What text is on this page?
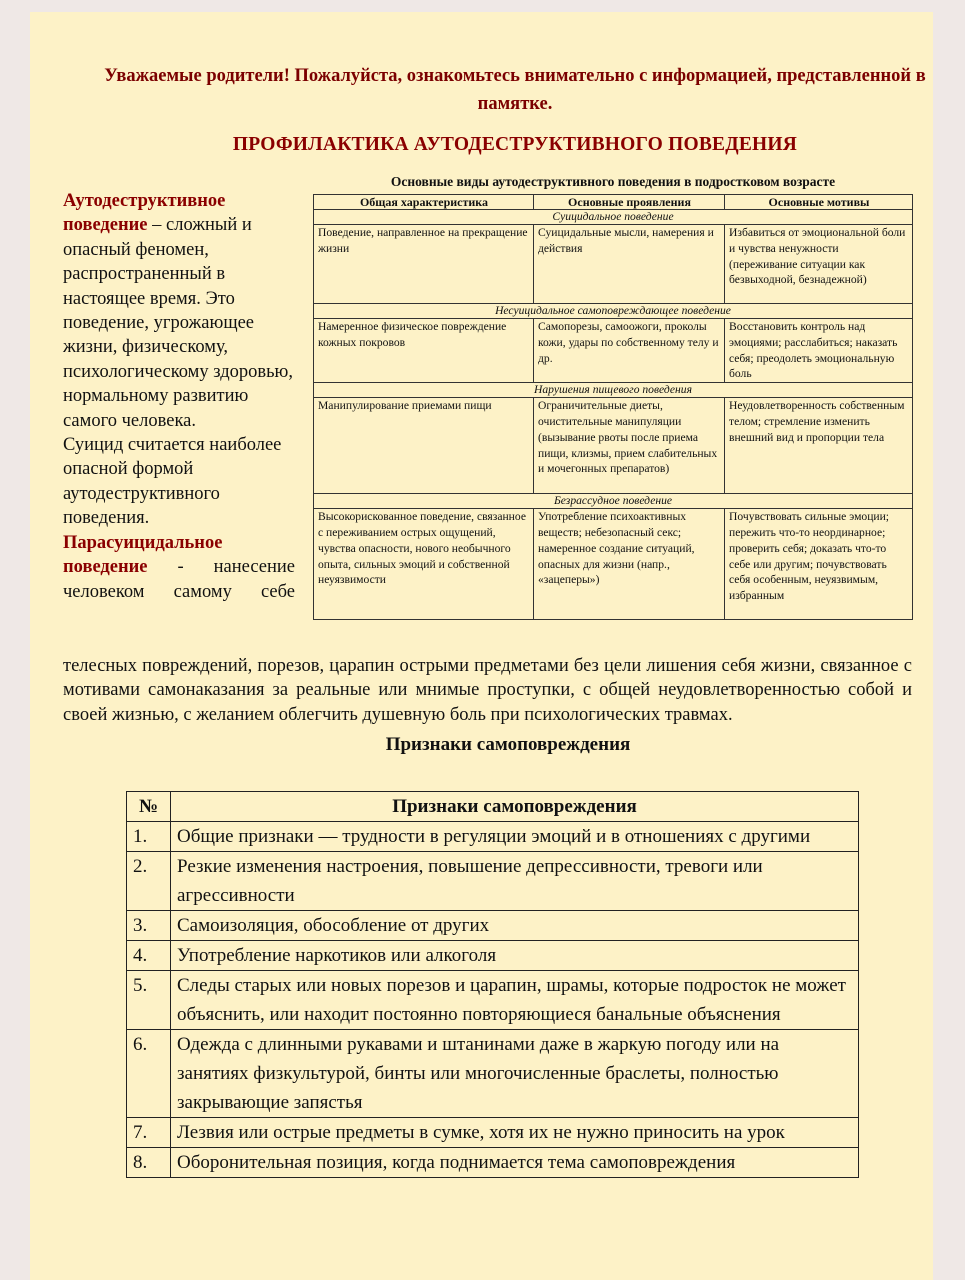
Уважаемые родители! Пожалуйста, ознакомьтесь внимательно с информацией, представленной в памятке.
ПРОФИЛАКТИКА АУТОДЕСТРУКТИВНОГО ПОВЕДЕНИЯ
Аутодеструктивное поведение – сложный и опасный феномен, распространенный в настоящее время. Это поведение, угрожающее жизни, физическому, психологическому здоровью, нормальному развитию самого человека.
Суицид считается наиболее опасной формой аутодеструктивного поведения.

Парасуицидальное поведение - нанесение человеком самому себе
телесных повреждений, порезов, царапин острыми предметами без цели лишения себя жизни, связанное с мотивами самонаказания за реальные или мнимые проступки, с общей неудовлетворенностью собой и своей жизнью, с желанием облегчить душевную боль при психологических травмах.
Основные виды аутодеструктивного поведения в подростковом возрасте
Общая характеристика	Основные проявления	Основные мотивы
Суицидальное поведение		
Поведение, направленное на прекращение жизни	Суицидальные мысли, намерения и действия	Избавиться от эмоциональной боли и чувства ненужности (переживание ситуации как безвыходной, безнадежной)
Несуицидальное самоповреждающее поведение		
Намеренное физическое повреждение кожных покровов	Самопорезы, самоожоги, проколы кожи, удары по собственному телу и др.	Восстановить контроль над эмоциями; расслабиться; наказать себя; преодолеть эмоциональную боль
Нарушения пищевого поведения		
Манипулирование приемами пищи	Ограничительные диеты, очистительные манипуляции (вызывание рвоты после приема пищи, клизмы, прием слабительных и мочегонных препаратов)	Неудовлетворенность собственным телом; стремление изменить внешний вид и пропорции тела
Безрассудное поведение		
Высокорискованное поведение, связанное с переживанием острых ощущений, чувства опасности, нового необычного опыта, сильных эмоций и собственной неуязвимости	Употребление психоактивных веществ; небезопасный секс; намеренное создание ситуаций, опасных для жизни (напр., «зацеперы»)	Почувствовать сильные эмоции; пережить что-то неординарное; проверить себя; доказать что-то себе или другим; почувствовать себя особенным, неуязвимым, избранным
Признаки самоповреждения
№	Признаки самоповреждения
1.	Общие признаки — трудности в регуляции эмоций и в отношениях с другими
2.	Резкие изменения настроения, повышение депрессивности, тревоги или агрессивности
3.	Самоизоляция, обособление от других
4.	Употребление наркотиков или алкоголя
5.	Следы старых или новых порезов и царапин, шрамы, которые подросток не может объяснить, или находит постоянно повторяющиеся банальные объяснения
6.	Одежда с длинными рукавами и штанинами даже в жаркую погоду или на занятиях физкультурой, бинты или многочисленные браслеты, полностью закрывающие запястья
7.	Лезвия или острые предметы в сумке, хотя их не нужно приносить на урок
8.	Оборонительная позиция, когда поднимается тема самоповреждения
